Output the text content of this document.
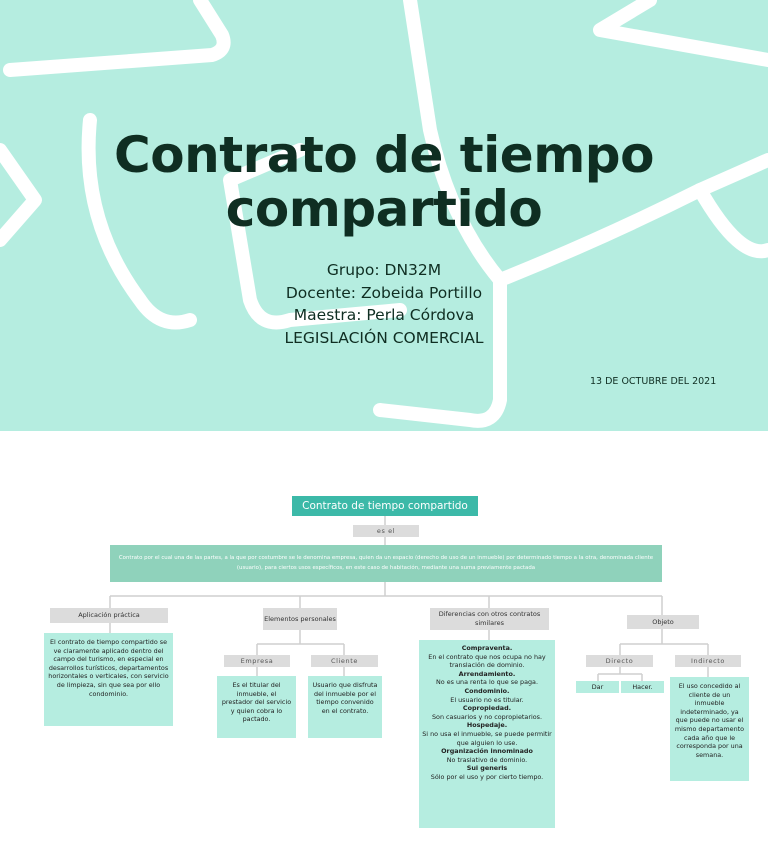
Contrato de tiempo
compartido
Grupo: DN32M
Docente: Zobeida Portillo
Maestra: Perla Córdova
LEGISLACIÓN COMERCIAL
13 DE OCTUBRE DEL 2021
Contrato de tiempo compartido
es el
Contrato por el cual una de las partes, a la que por costumbre se le denomina empresa, quien da un espacio (derecho de uso de un inmueble) por determinado tiempo a la otra, denominada cliente (usuario), para ciertos usos específicos, en este caso de habitación, mediante una suma previamente pactada
Aplicación práctica
El contrato de tiempo compartido se ve claramente aplicado dentro del campo del turismo, en especial en desarrollos turísticos, departamentos horizontales o verticales, con servicio de limpieza, sin que sea por ello condominio.
Elementos personales
Empresa	Cliente
Es el titular del inmueble, el prestador del servicio y quien cobra lo pactado.
Usuario que disfruta del inmueble por el tiempo convenido en el contrato.
Diferencias con otros contratos similares
Compraventa.
En el contrato que nos ocupa no hay translación de dominio.
Arrendamiento.
No es una renta lo que se paga.
Condominio.
El usuario no es titular.
Copropiedad.
Son casuarios y no copropietarios.
Hospedaje.
Si no usa el inmueble, se puede permitir que alguien lo use.
Organización innominado
No traslativo de dominio.
Sui generis
Sólo por el uso y por cierto tiempo.
Objeto
Directo	Indirecto
Dar	Hacer.	El uso concedido al cliente de un inmueble indeterminado, ya que puede no usar el mismo departamento cada año que le corresponda por una semana.
